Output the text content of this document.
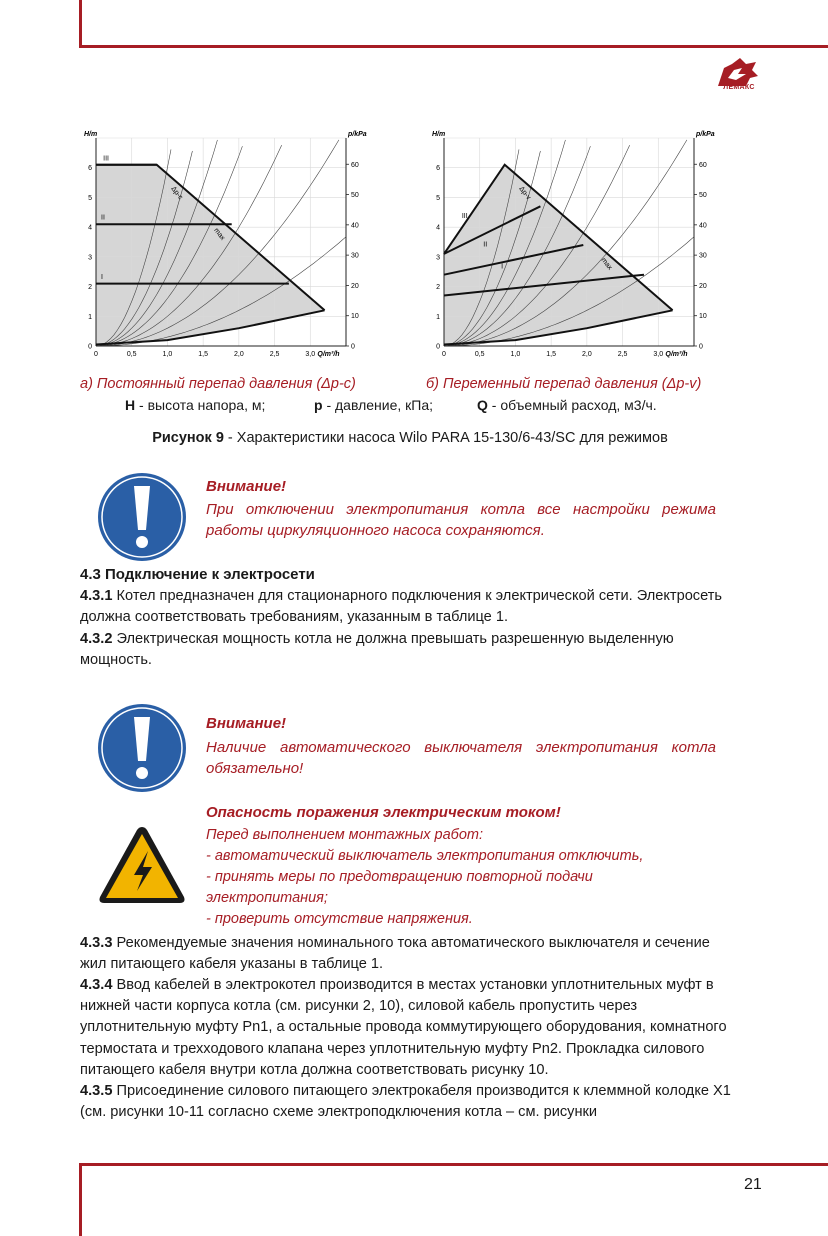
ЛЕМАКС
0	0,5	1,0	1,5	2,0	2,5	3,0
0
1
2
3
4
5
6
0
10
20
30
40
50
60
H/m	p/kPa
Q/m³/h
III
II
I
Δp-c
max
0	0,5	1,0	1,5	2,0	2,5	3,0
0
1
2
3
4
5
6
0
10
20
30
40
50
60
H/m	p/kPa
Q/m³/h
III
II
I
Δp-v
max
а) Постоянный перепад давления (Δp-c)	б) Переменный перепад давления (Δp-v)
H - высота напора, м;	p - давление, кПа;	Q - объемный расход, м3/ч.
Рисунок 9 - Характеристики насоса Wilo PARA 15-130/6-43/SC для режимов
Внимание!
При отключении электропитания котла все настройки режима работы циркуляционного насоса сохраняются.
4.3 Подключение к электросети
4.3.1 Котел предназначен для стационарного подключения к электрической сети. Электросеть должна соответствовать требованиям, указанным в таблице 1.
4.3.2 Электрическая мощность котла не должна превышать разрешенную выделенную мощность.
Внимание!
Наличие автоматического выключателя электропитания котла обязательно!
Опасность поражения электрическим током!
Перед выполнением монтажных работ:
- автоматический выключатель электропитания отключить,
- принять меры по предотвращению повторной подачи электропитания;
- проверить отсутствие напряжения.
4.3.3 Рекомендуемые значения номинального тока автоматического выключателя и сечение жил питающего кабеля указаны в таблице 1.
4.3.4 Ввод кабелей в электрокотел производится в местах установки уплотнительных муфт в нижней части корпуса котла (см. рисунки 2, 10), силовой кабель пропустить через уплотнительную муфту Pn1, а остальные провода коммутирующего оборудования, комнатного термостата и трехходового клапана через уплотнительную муфту Pn2. Прокладка силового питающего кабеля внутри котла должна соответствовать рисунку 10.
4.3.5 Присоединение силового питающего электрокабеля производится к клеммной колодке X1 (см. рисунки 10-11 согласно схеме электроподключения котла – см. рисунки
21
